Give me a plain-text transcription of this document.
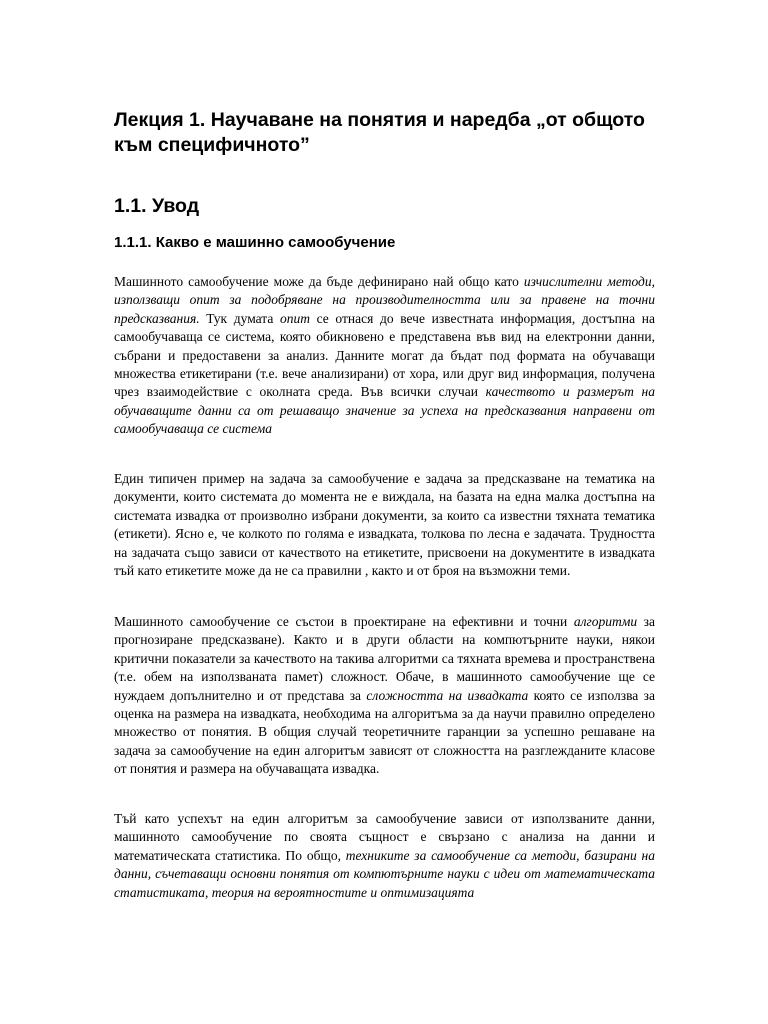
Лекция 1. Научаване на понятия и наредба „от общото към специфичното”
1.1. Увод
1.1.1. Какво е машинно самообучение

Машинното самообучение може да бъде дефинирано най общо като изчислителни методи, използващи опит за подобряване на производителността или за правене на точни предсказвания. Тук думата опит се отнася до вече известната информация, достъпна на самообучаваща се система, която обикновено е представена във вид на електронни данни, събрани и предоставени за анализ. Данните могат да бъдат под формата на обучаващи множества етикетирани (т.е. вече анализирани) от хора, или друг вид информация, получена чрез взаимодействие с околната среда. Във всички случаи качеството и размерът на обучаващите данни са от решаващо значение за успеха на предсказвания направени от самообучаваща се система

Един типичен пример на задача за самообучение е задача за предсказване на тематика на документи, които системата до момента не е виждала, на базата на една малка достъпна на системата извадка от произволно избрани документи, за които са известни тяхната тематика (етикети). Ясно е, че колкото по голяма е извадката, толкова по лесна е задачата. Трудността на задачата също зависи от качеството на етикетите, присвоени на документите в извадката тъй като етикетите може да не са правилни , както и от броя на възможни теми.

Машинното самообучение се състои в проектиране на ефективни и точни алгоритми за прогнозиране предсказване). Както и в други области на компютърните науки, някои критични показатели за качеството на такива алгоритми са тяхната времева и пространствена (т.е. обем на използваната памет) сложност. Обаче, в машинното самообучение ще се нуждаем допълнително и от представа за сложността на извадката която се използва за оценка на размера на извадката, необходима на алгоритъма за да научи правилно определено множество от понятия. В общия случай теоретичните гаранции за успешно решаване на задача за самообучение на един алгоритъм зависят от сложността на разглежданите класове от понятия и размера на обучаващата извадка.

Тъй като успехът на един алгоритъм за самообучение зависи от използваните данни, машинното самообучение по своята същност е свързано с анализа на данни и математическата статистика. По общо, техниките за самообучение са методи, базирани на данни, съчетаващи основни понятия от компютърните науки с идеи от математическата статистиката, теория на вероятностите и оптимизацията
